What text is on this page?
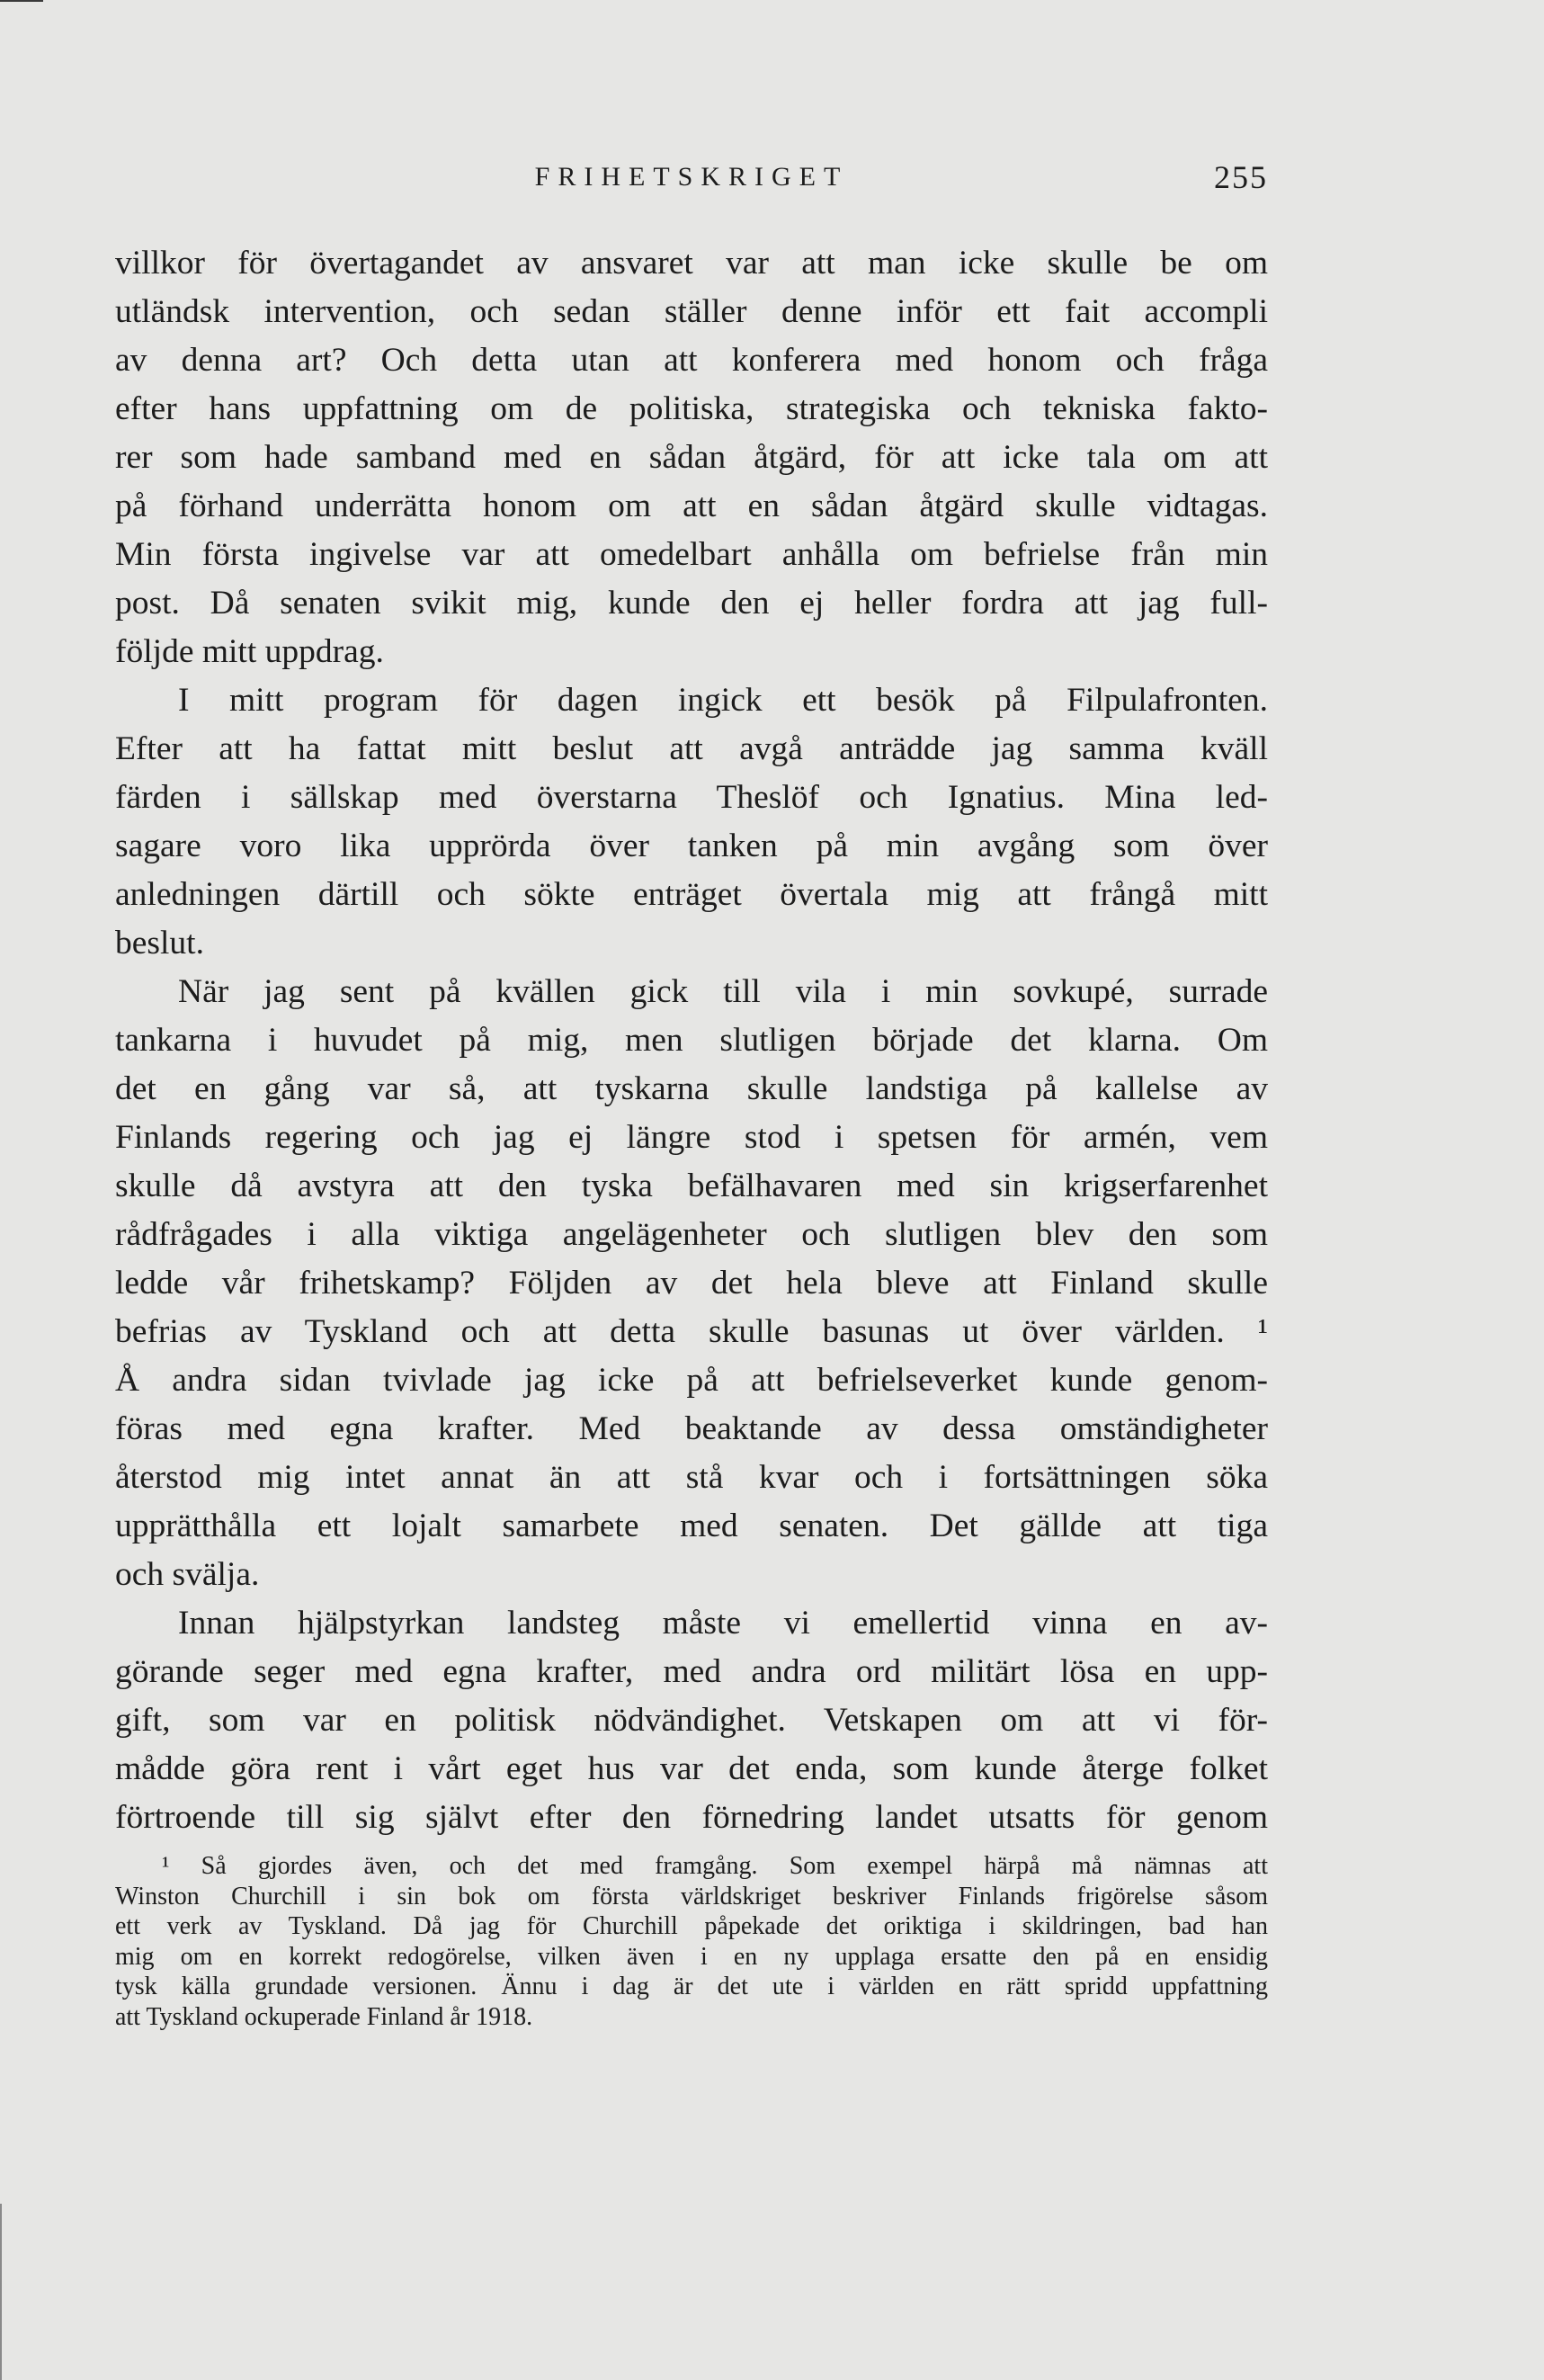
FRIHETSKRIGET	255
villkor för övertagandet av ansvaret var att man icke skulle be om
utländsk intervention, och sedan ställer denne inför ett fait accompli
av denna art? Och detta utan att konferera med honom och fråga
efter hans uppfattning om de politiska, strategiska och tekniska fakto-
rer som hade samband med en sådan åtgärd, för att icke tala om att
på förhand underrätta honom om att en sådan åtgärd skulle vidtagas.
Min första ingivelse var att omedelbart anhålla om befrielse från min
post. Då senaten svikit mig, kunde den ej heller fordra att jag full-
följde mitt uppdrag.
I mitt program för dagen ingick ett besök på Filpulafronten.
Efter att ha fattat mitt beslut att avgå anträdde jag samma kväll
färden i sällskap med överstarna Theslöf och Ignatius. Mina led-
sagare voro lika upprörda över tanken på min avgång som över
anledningen därtill och sökte enträget övertala mig att frångå mitt
beslut.
När jag sent på kvällen gick till vila i min sovkupé, surrade
tankarna i huvudet på mig, men slutligen började det klarna. Om
det en gång var så, att tyskarna skulle landstiga på kallelse av
Finlands regering och jag ej längre stod i spetsen för armén, vem
skulle då avstyra att den tyska befälhavaren med sin krigserfarenhet
rådfrågades i alla viktiga angelägenheter och slutligen blev den som
ledde vår frihetskamp? Följden av det hela bleve att Finland skulle
befrias av Tyskland och att detta skulle basunas ut över världen. ¹
Å andra sidan tvivlade jag icke på att befrielseverket kunde genom-
föras med egna krafter. Med beaktande av dessa omständigheter
återstod mig intet annat än att stå kvar och i fortsättningen söka
upprätthålla ett lojalt samarbete med senaten. Det gällde att tiga
och svälja.
Innan hjälpstyrkan landsteg måste vi emellertid vinna en av-
görande seger med egna krafter, med andra ord militärt lösa en upp-
gift, som var en politisk nödvändighet. Vetskapen om att vi för-
mådde göra rent i vårt eget hus var det enda, som kunde återge folket
förtroende till sig självt efter den förnedring landet utsatts för genom
¹ Så gjordes även, och det med framgång. Som exempel härpå må nämnas att
Winston Churchill i sin bok om första världskriget beskriver Finlands frigörelse såsom
ett verk av Tyskland. Då jag för Churchill påpekade det oriktiga i skildringen, bad han
mig om en korrekt redogörelse, vilken även i en ny upplaga ersatte den på en ensidig
tysk källa grundade versionen. Ännu i dag är det ute i världen en rätt spridd uppfattning
att Tyskland ockuperade Finland år 1918.
